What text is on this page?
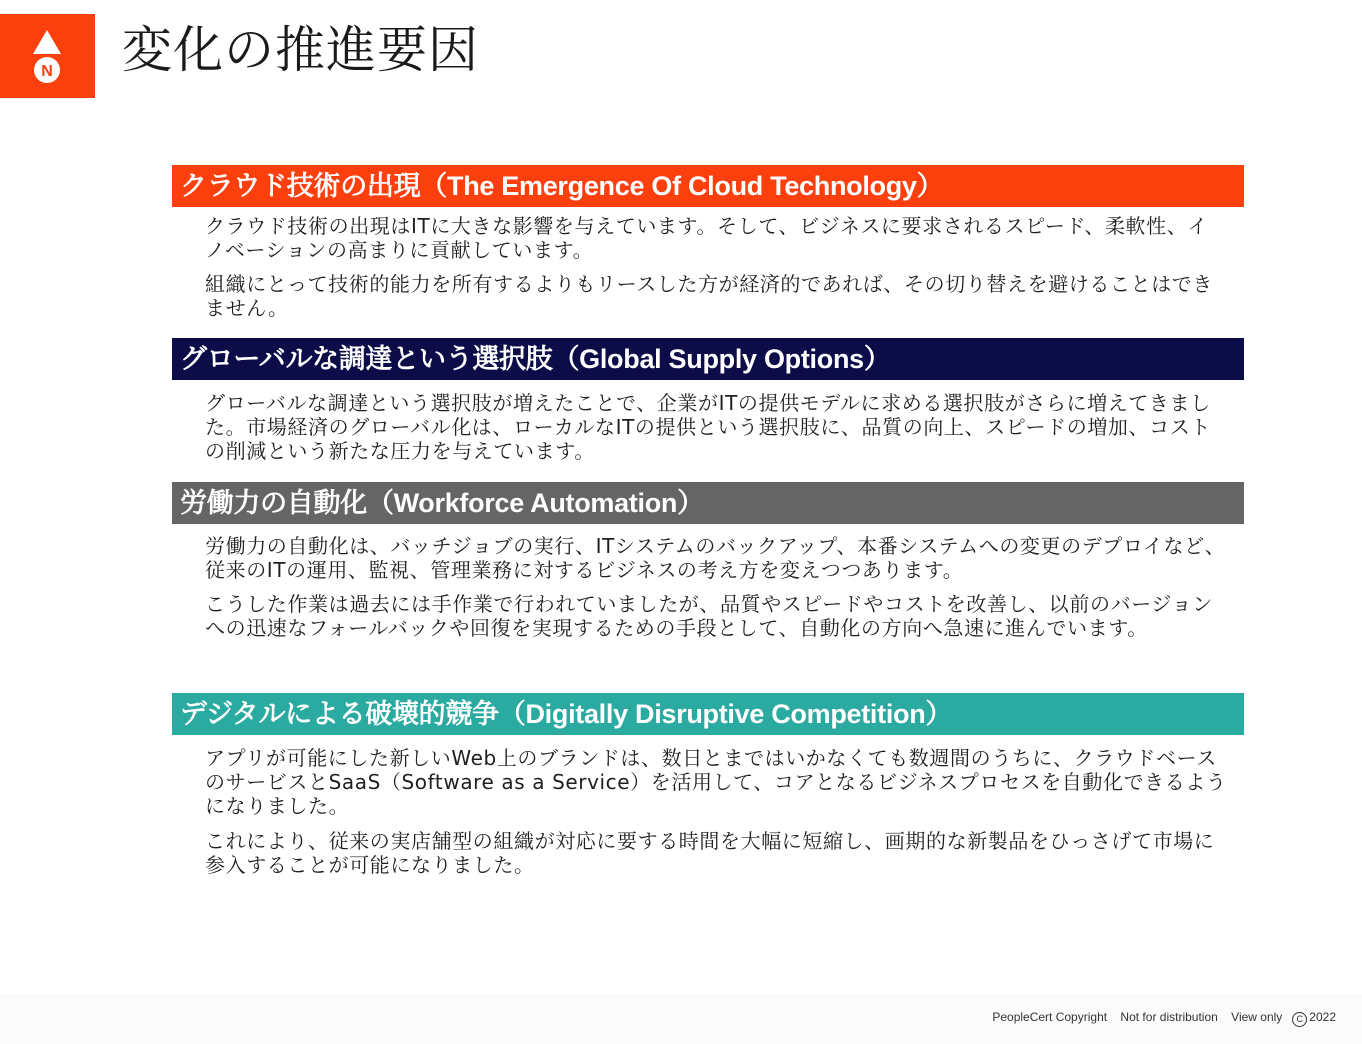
N 変化の推進要因
クラウド技術の出現（The Emergence Of Cloud Technology）

クラウド技術の出現はITに大きな影響を与えています。そして、ビジネスに要求されるスピード、柔軟性、イノベーションの高まりに貢献しています。

組織にとって技術的能力を所有するよりもリースした方が経済的であれば、その切り替えを避けることはできません。

グローバルな調達という選択肢（Global Supply Options）

グローバルな調達という選択肢が増えたことで、企業がITの提供モデルに求める選択肢がさらに増えてきました。市場経済のグローバル化は、ローカルなITの提供という選択肢に、品質の向上、スピードの増加、コストの削減という新たな圧力を与えています。

労働力の自動化（Workforce Automation）

労働力の自動化は、バッチジョブの実行、ITシステムのバックアップ、本番システムへの変更のデプロイなど、従来のITの運用、監視、管理業務に対するビジネスの考え方を変えつつあります。

こうした作業は過去には手作業で行われていましたが、品質やスピードやコストを改善し、以前のバージョンへの迅速なフォールバックや回復を実現するための手段として、自動化の方向へ急速に進んでいます。

デジタルによる破壊的競争（Digitally Disruptive Competition）

アプリが可能にした新しいWeb上のブランドは、数日とまではいかなくても数週間のうちに、クラウドベースのサービスとSaaS（Software as a Service）を活用して、コアとなるビジネスプロセスを自動化できるようになりました。

これにより、従来の実店舗型の組織が対応に要する時間を大幅に短縮し、画期的な新製品をひっさげて市場に参入することが可能になりました。

PeopleCert Copyright Not for distribution View only C 2022
